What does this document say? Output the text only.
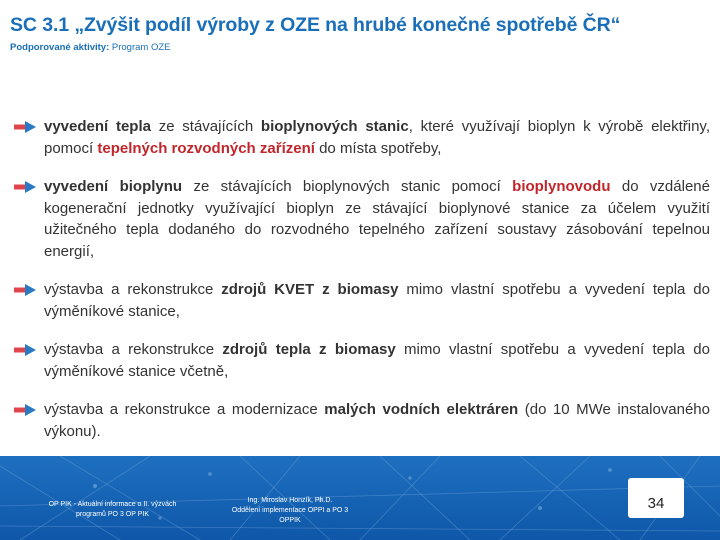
SC 3.1 „Zvýšit podíl výroby z OZE na hrubé konečné spotřebě ČR“
Podporované aktivity: Program OZE
vyvedení tepla ze stávajících bioplynových stanic, které využívají bioplyn k výrobě elektřiny, pomocí tepelných rozvodných zařízení do místa spotřeby,
vyvedení bioplynu ze stávajících bioplynových stanic pomocí bioplynovodu do vzdálené kogenerační jednotky využívající bioplyn ze stávající bioplynové stanice za účelem využití užitečného tepla dodaného do rozvodného tepelného zařízení soustavy zásobování tepelnou energií,
výstavba a rekonstrukce zdrojů KVET z biomasy mimo vlastní spotřebu a vyvedení tepla do výměníkové stanice,
výstavba a rekonstrukce zdrojů tepla z biomasy mimo vlastní spotřebu a vyvedení tepla do výměníkové stanice včetně,
výstavba a rekonstrukce a modernizace malých vodních elektráren (do 10 MWe instalovaného výkonu).
OP PIK - Aktuální informace o II. výzvách
programů PO 3 OP PIK
Ing. Miroslav Honzík, Ph.D.
Oddělení implementace OPPI a PO 3
OPPIK
34
